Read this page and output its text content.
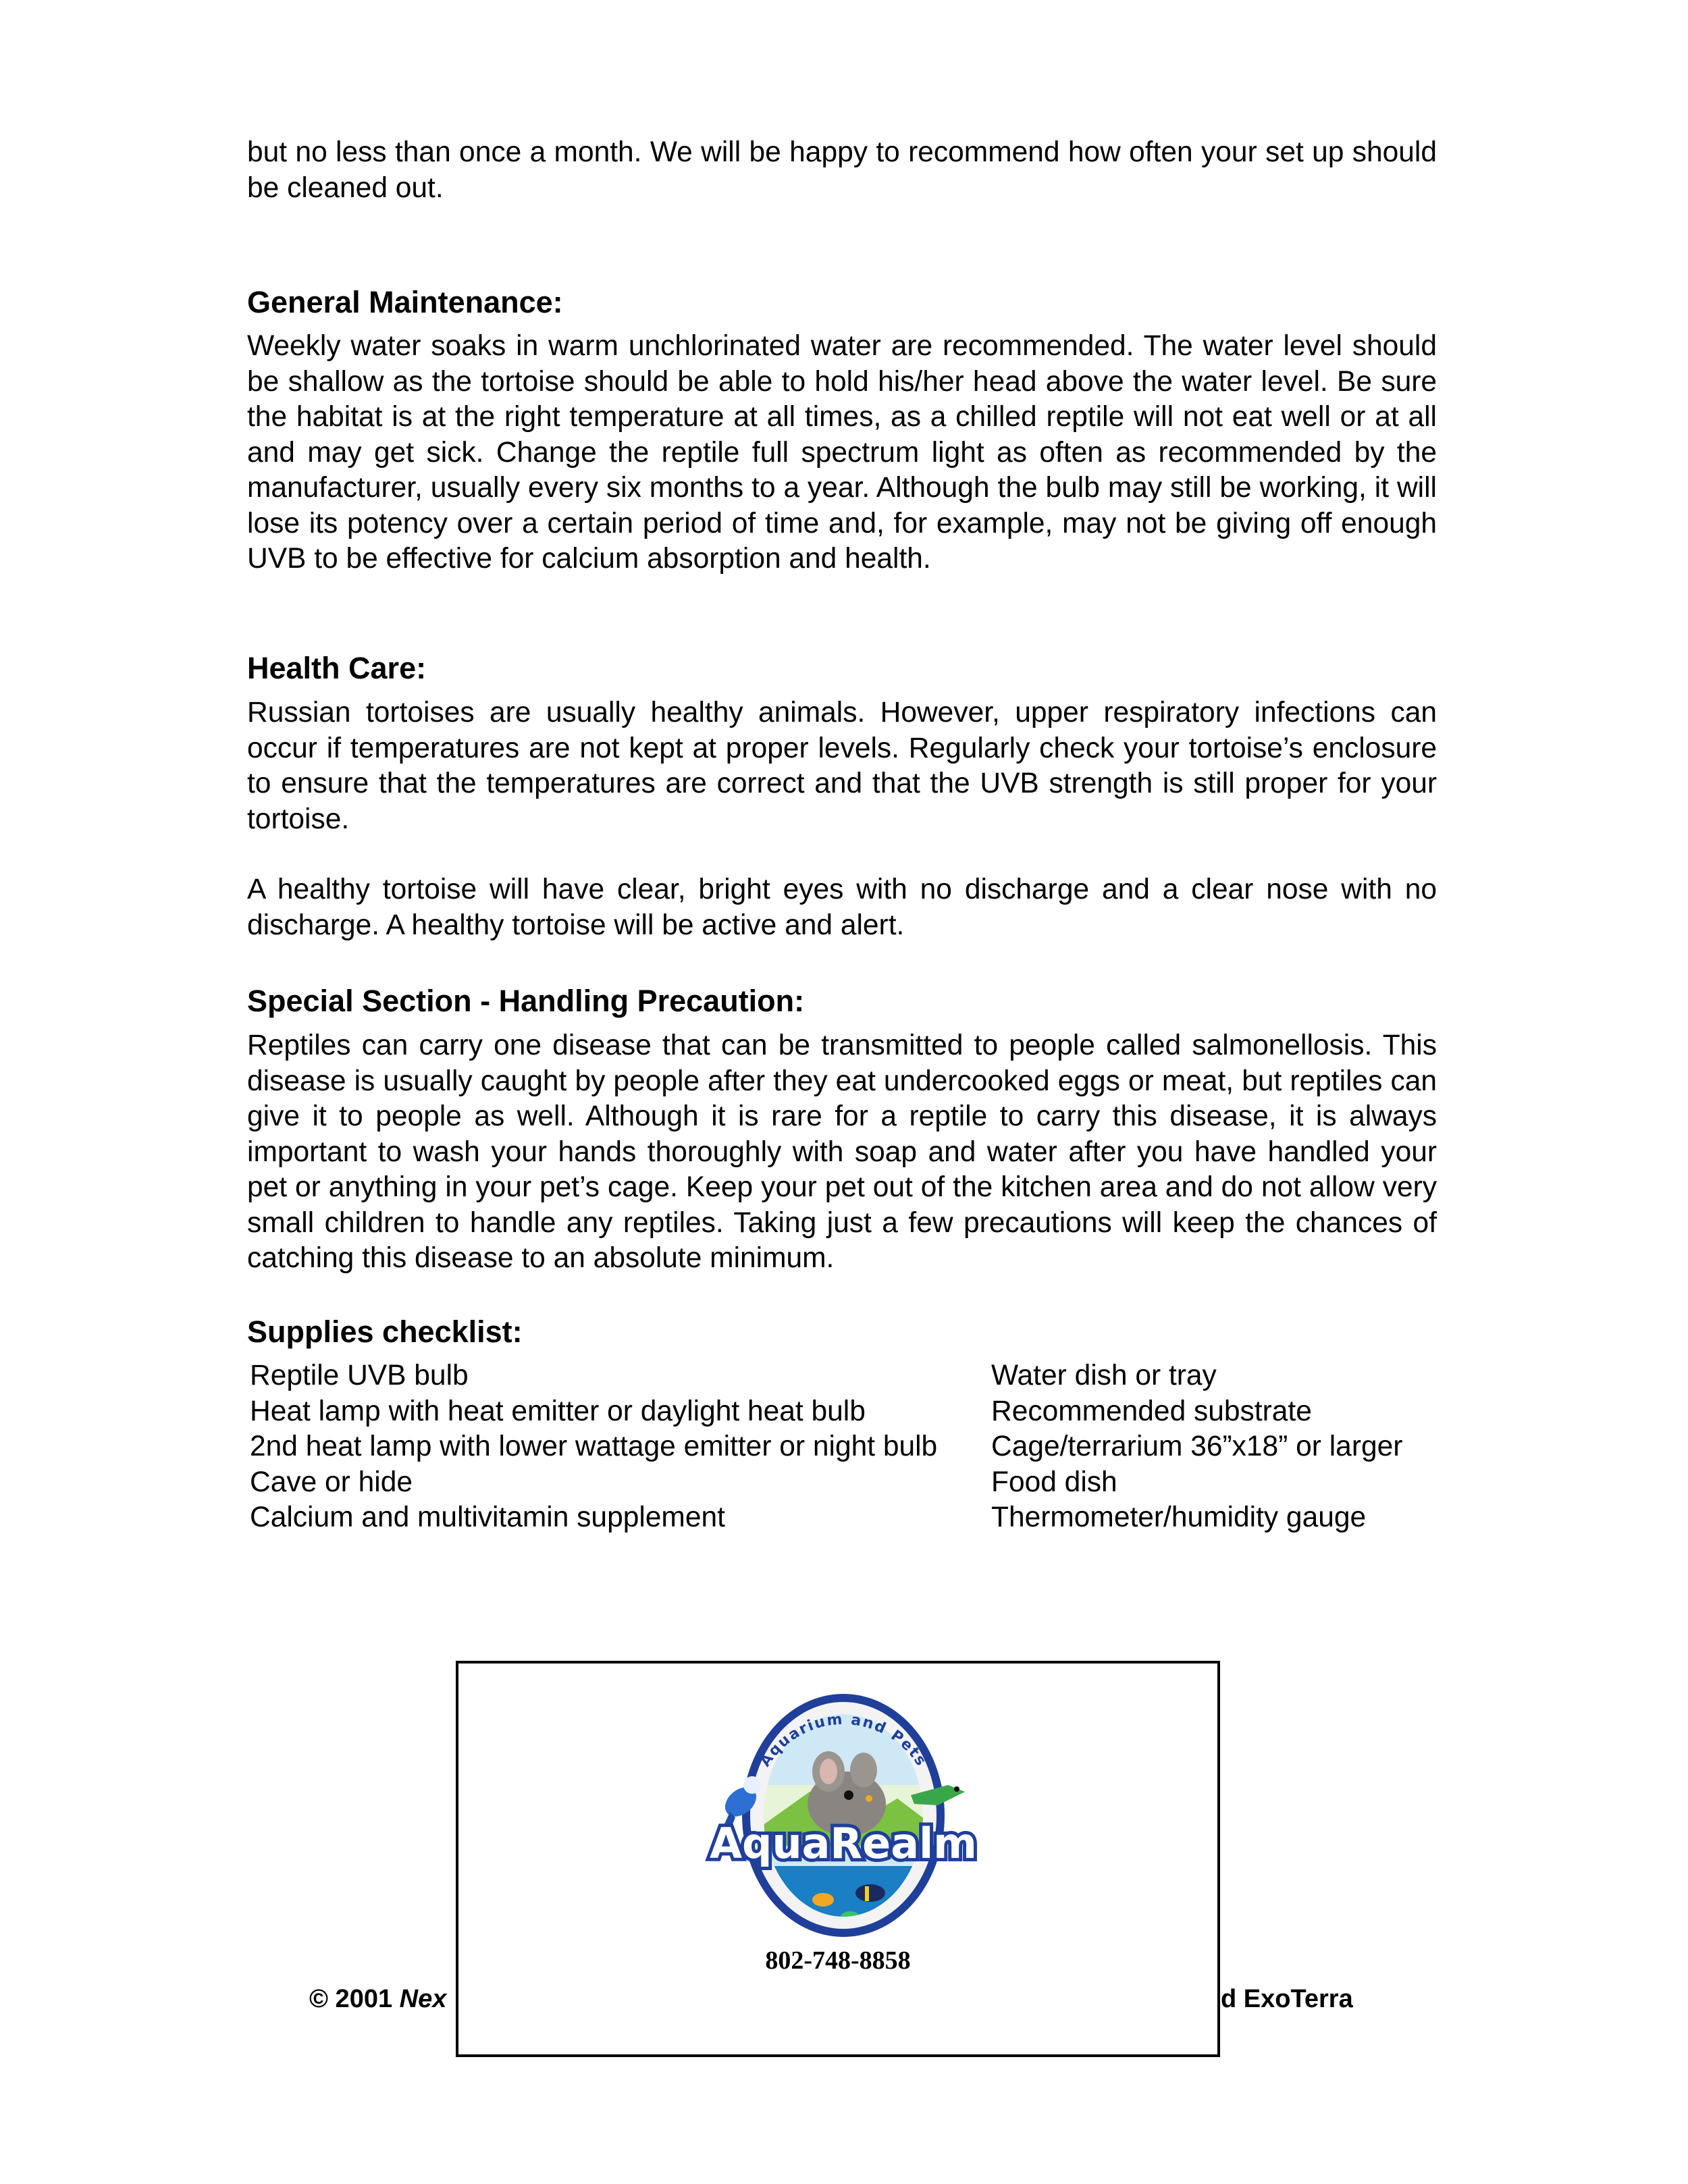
but no less than once a month. We will be happy to recommend how often your set up should be cleaned out.

General Maintenance:

Weekly water soaks in warm unchlorinated water are recommended. The water level should be shallow as the tortoise should be able to hold his/her head above the water level. Be sure the habitat is at the right temperature at all times, as a chilled reptile will not eat well or at all and may get sick. Change the reptile full spectrum light as often as recommended by the manufacturer, usually every six months to a year. Although the bulb may still be working, it will lose its potency over a certain period of time and, for example, may not be giving off enough UVB to be effective for calcium absorption and health.

Health Care:

Russian tortoises are usually healthy animals. However, upper respiratory infections can occur if temperatures are not kept at proper levels. Regularly check your tortoise’s enclosure to ensure that the temperatures are correct and that the UVB strength is still proper for your tortoise.

A healthy tortoise will have clear, bright eyes with no discharge and a clear nose with no discharge. A healthy tortoise will be active and alert.

Special Section - Handling Precaution:

Reptiles can carry one disease that can be transmitted to people called salmonellosis. This disease is usually caught by people after they eat undercooked eggs or meat, but reptiles can give it to people as well. Although it is rare for a reptile to carry this disease, it is always important to wash your hands thoroughly with soap and water after you have handled your pet or anything in your pet’s cage. Keep your pet out of the kitchen area and do not allow very small children to handle any reptiles. Taking just a few precautions will keep the chances of catching this disease to an absolute minimum.

Supplies checklist:
Reptile UVB bulb
Heat lamp with heat emitter or daylight heat bulb
2nd heat lamp with lower wattage emitter or night bulb
Cave or hide
Calcium and multivitamin supplement
Water dish or tray
Recommended substrate
Cage/terrarium 36”x18” or larger
Food dish
Thermometer/humidity gauge
© 2001 Nex	d ExoTerra
Aquarium and Pets
AquaRealm
802-748-8858
